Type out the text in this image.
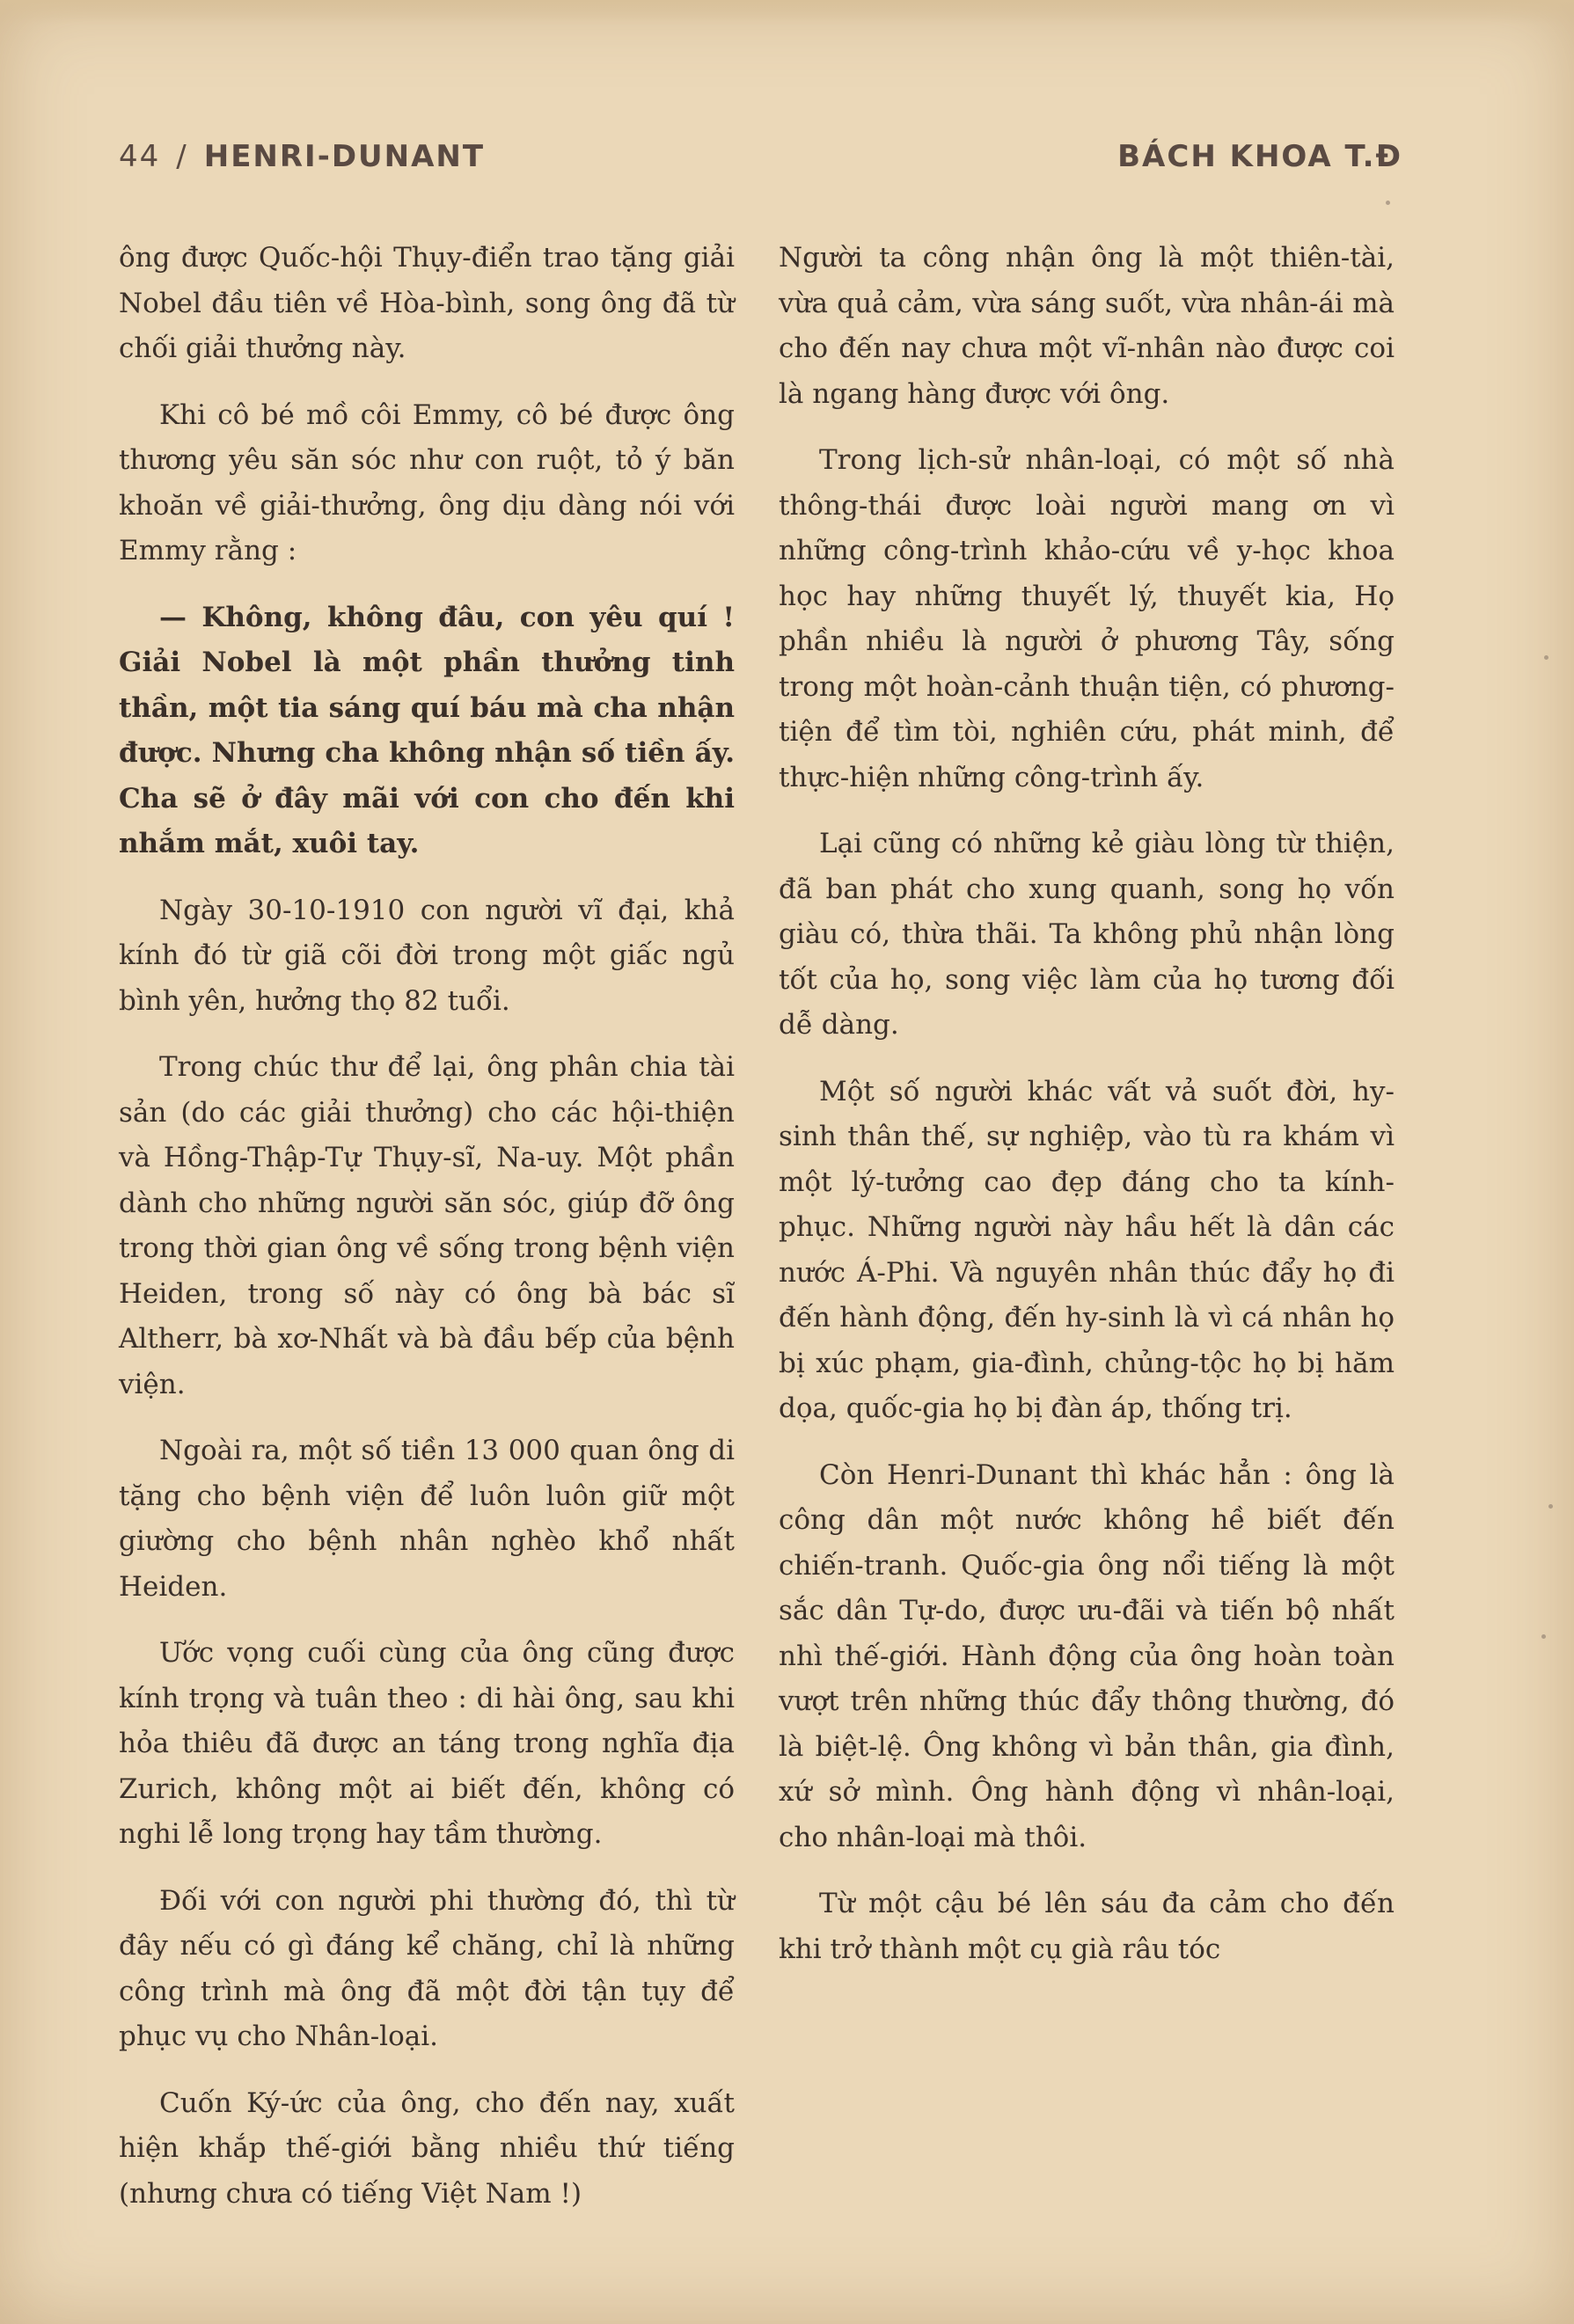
44 / HENRI-DUNANT	BÁCH KHOA T.Đ

ông được Quốc-hội Thụy-điển trao tặng giải Nobel đầu tiên về Hòa-bình, song ông đã từ chối giải thưởng này.

Khi cô bé mồ côi Emmy, cô bé được ông thương yêu săn sóc như con ruột, tỏ ý băn khoăn về giải-thưởng, ông dịu dàng nói với Emmy rằng :

— Không, không đâu, con yêu quí ! Giải Nobel là một phần thưởng tinh thần, một tia sáng quí báu mà cha nhận được. Nhưng cha không nhận số tiền ấy. Cha sẽ ở đây mãi với con cho đến khi nhắm mắt, xuôi tay.

Ngày 30-10-1910 con người vĩ đại, khả kính đó từ giã cõi đời trong một giấc ngủ bình yên, hưởng thọ 82 tuổi.

Trong chúc thư để lại, ông phân chia tài sản (do các giải thưởng) cho các hội-thiện và Hồng-Thập-Tự Thụy-sĩ, Na-uy. Một phần dành cho những người săn sóc, giúp đỡ ông trong thời gian ông về sống trong bệnh viện Heiden, trong số này có ông bà bác sĩ Altherr, bà xơ-Nhất và bà đầu bếp của bệnh viện.

Ngoài ra, một số tiền 13 000 quan ông di tặng cho bệnh viện để luôn luôn giữ một giường cho bệnh nhân nghèo khổ nhất Heiden.

Ước vọng cuối cùng của ông cũng được kính trọng và tuân theo : di hài ông, sau khi hỏa thiêu đã được an táng trong nghĩa địa Zurich, không một ai biết đến, không có nghi lễ long trọng hay tầm thường.

Đối với con người phi thường đó, thì từ đây nếu có gì đáng kể chăng, chỉ là những công trình mà ông đã một đời tận tụy để phục vụ cho Nhân-loại.

Cuốn Ký-ức của ông, cho đến nay, xuất hiện khắp thế-giới bằng nhiều thứ tiếng (nhưng chưa có tiếng Việt Nam !)

Người ta công nhận ông là một thiên-tài, vừa quả cảm, vừa sáng suốt, vừa nhân-ái mà cho đến nay chưa một vĩ-nhân nào được coi là ngang hàng được với ông.

Trong lịch-sử nhân-loại, có một số nhà thông-thái được loài người mang ơn vì những công-trình khảo-cứu về y-học khoa học hay những thuyết lý, thuyết kia, Họ phần nhiều là người ở phương Tây, sống trong một hoàn-cảnh thuận tiện, có phương-tiện để tìm tòi, nghiên cứu, phát minh, để thực-hiện những công-trình ấy.

Lại cũng có những kẻ giàu lòng từ thiện, đã ban phát cho xung quanh, song họ vốn giàu có, thừa thãi. Ta không phủ nhận lòng tốt của họ, song việc làm của họ tương đối dễ dàng.

Một số người khác vất vả suốt đời, hy-sinh thân thế, sự nghiệp, vào tù ra khám vì một lý-tưởng cao đẹp đáng cho ta kính-phục. Những người này hầu hết là dân các nước Á-Phi. Và nguyên nhân thúc đẩy họ đi đến hành động, đến hy-sinh là vì cá nhân họ bị xúc phạm, gia-đình, chủng-tộc họ bị hăm dọa, quốc-gia họ bị đàn áp, thống trị.

Còn Henri-Dunant thì khác hẳn : ông là công dân một nước không hề biết đến chiến-tranh. Quốc-gia ông nổi tiếng là một sắc dân Tự-do, được ưu-đãi và tiến bộ nhất nhì thế-giới. Hành động của ông hoàn toàn vượt trên những thúc đẩy thông thường, đó là biệt-lệ. Ông không vì bản thân, gia đình, xứ sở mình. Ông hành động vì nhân-loại, cho nhân-loại mà thôi.

Từ một cậu bé lên sáu đa cảm cho đến khi trở thành một cụ già râu tóc
